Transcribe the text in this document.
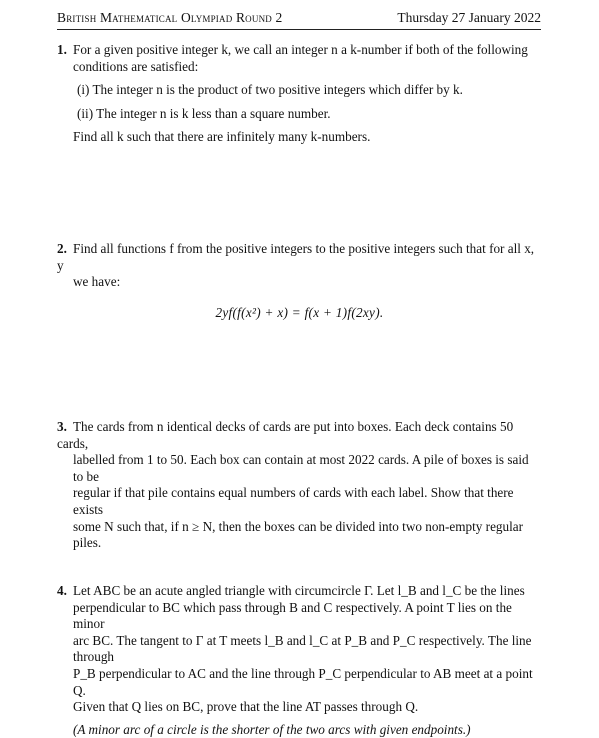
British Mathematical Olympiad Round 2	Thursday 27 January 2022

1. For a given positive integer k, we call an integer n a k-number if both of the following

conditions are satisfied:

(i) The integer n is the product of two positive integers which differ by k.

(ii) The integer n is k less than a square number.

Find all k such that there are infinitely many k-numbers.

2. Find all functions f from the positive integers to the positive integers such that for all x, y

we have:

2yf(f(x²) + x) = f(x + 1)f(2xy).

3. The cards from n identical decks of cards are put into boxes. Each deck contains 50 cards,

labelled from 1 to 50. Each box can contain at most 2022 cards. A pile of boxes is said to be

regular if that pile contains equal numbers of cards with each label. Show that there exists

some N such that, if n ≥ N, then the boxes can be divided into two non-empty regular piles.

4. Let ABC be an acute angled triangle with circumcircle Γ. Let l_B and l_C be the lines

perpendicular to BC which pass through B and C respectively. A point T lies on the minor

arc BC. The tangent to Γ at T meets l_B and l_C at P_B and P_C respectively. The line through

P_B perpendicular to AC and the line through P_C perpendicular to AB meet at a point Q.

Given that Q lies on BC, prove that the line AT passes through Q.

(A minor arc of a circle is the shorter of the two arcs with given endpoints.)
